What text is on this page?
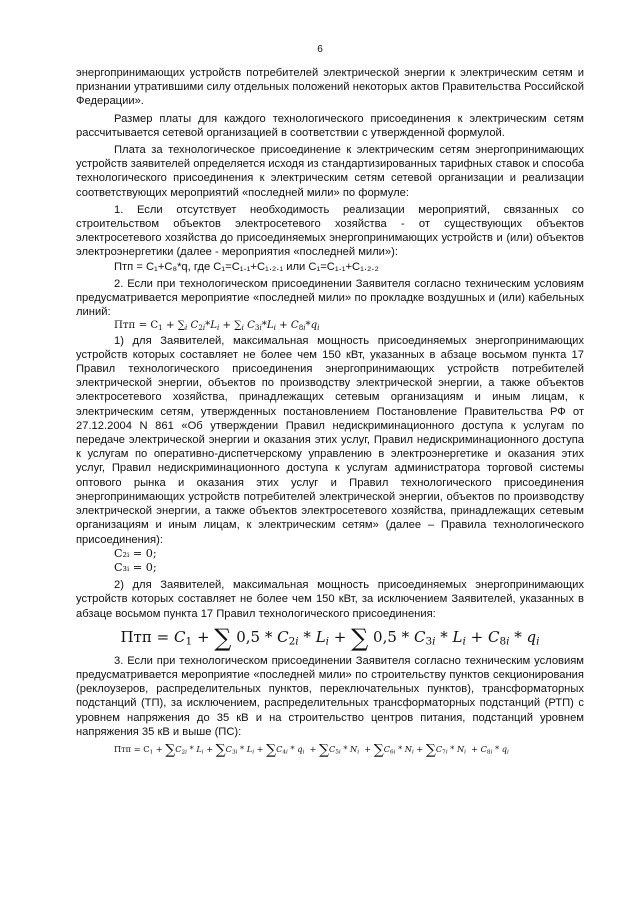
6

энергопринимающих устройств потребителей электрической энергии к электрическим сетям и признании утратившими силу отдельных положений некоторых актов Правительства Российской Федерации».

Размер платы для каждого технологического присоединения к электрическим сетям рассчитывается сетевой организацией в соответствии с утвержденной формулой.

Плата за технологическое присоединение к электрическим сетям энергопринимающих устройств заявителей определяется исходя из стандартизированных тарифных ставок и способа технологического присоединения к электрическим сетям сетевой организации и реализации соответствующих мероприятий «последней мили» по формуле:

1. Если отсутствует необходимость реализации мероприятий, связанных со строительством объектов электросетевого хозяйства - от существующих объектов электросетевого хозяйства до присоединяемых энергопринимающих устройств и (или) объектов электроэнергетики (далее - мероприятия «последней мили»):

Птп = С₁+С₈*q, где С₁=С₁.₁+С₁.₂.₁ или С₁=С₁.₁+С₁.₂.₂

2. Если при технологическом присоединении Заявителя согласно техническим условиям предусматривается мероприятие «последней мили» по прокладке воздушных и (или) кабельных линий:

Птп = $C_1 + \sum_i$ $C_{2i}*L_i + \sum_i$ $C_{3i}*L_i + C_{8i}*q_i$

1) для Заявителей, максимальная мощность присоединяемых энергопринимающих устройств которых составляет не более чем 150 кВт, указанных в абзаце восьмом пункта 17 Правил технологического присоединения энергопринимающих устройств потребителей электрической энергии, объектов по производству электрической энергии, а также объектов электросетевого хозяйства, принадлежащих сетевым организациям и иным лицам, к электрическим сетям, утвержденных постановлением Постановление Правительства РФ от 27.12.2004 N 861 «Об утверждении Правил недискриминационного доступа к услугам по передаче электрической энергии и оказания этих услуг, Правил недискриминационного доступа к услугам по оперативно-диспетчерскому управлению в электроэнергетике и оказания этих услуг, Правил недискриминационного доступа к услугам администратора торговой системы оптового рынка и оказания этих услуг и Правил технологического присоединения энергопринимающих устройств потребителей электрической энергии, объектов по производству электрической энергии, а также объектов электросетевого хозяйства, принадлежащих сетевым организациям и иным лицам, к электрическим сетям» (далее – Правила технологического присоединения):

C₂ᵢ = 0;

C₃ᵢ = 0;

2) для Заявителей, максимальная мощность присоединяемых энергопринимающих устройств которых составляет не более чем 150 кВт, за исключением Заявителей, указанных в абзаце восьмом пункта 17 Правил технологического присоединения:

Птп = $C_1$ + ∑ $0,5 * C_{2i} * L_i$ + ∑ $0,5 * C_{3i} * L_i + C_{8i} * q_i$

3. Если при технологическом присоединении Заявителя согласно техническим условиям предусматривается мероприятие «последней мили» по строительству пунктов секционирования (реклоузеров, распределительных пунктов, переключательных пунктов), трансформаторных подстанций (ТП), за исключением, распределительных трансформаторных подстанций (РТП) с уровнем напряжения до 35 кВ и на строительство центров питания, подстанций уровнем напряжения 35 кВ и выше (ПС):

Птп = $C_1 + \sum C_{2i} * L_i + \sum C_{3i} * L_i + \sum C_{4i} * q_i + \sum C_{5i} * N_i + \sum C_{6i} * N_i + \sum C_{7i} * N_i + C_{8i} * q_i$
